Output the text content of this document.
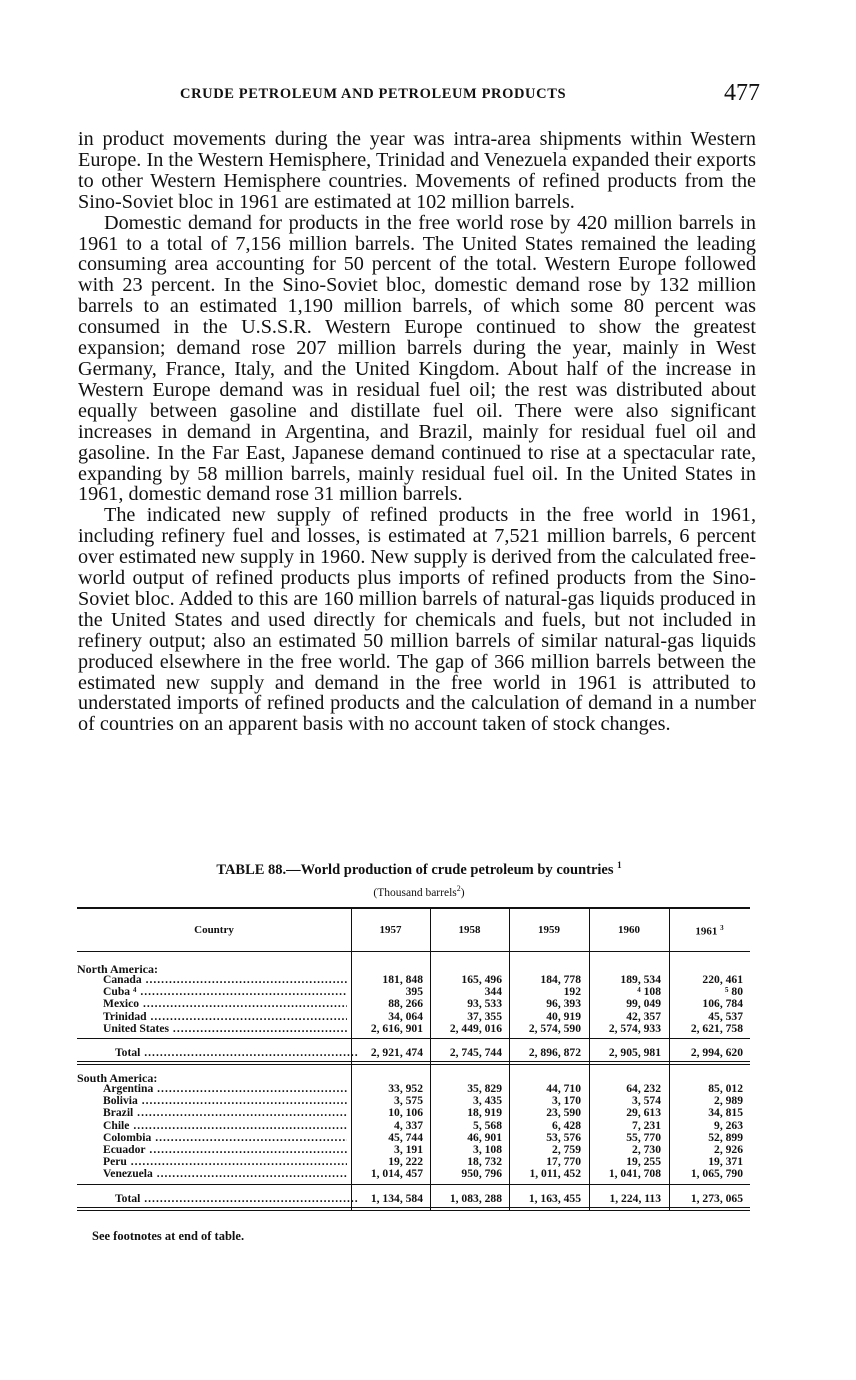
CRUDE PETROLEUM AND PETROLEUM PRODUCTS	477

in product movements during the year was intra-area shipments within Western Europe. In the Western Hemisphere, Trinidad and Venezuela expanded their exports to other Western Hemisphere countries. Movements of refined products from the Sino-Soviet bloc in 1961 are estimated at 102 million barrels.

Domestic demand for products in the free world rose by 420 million barrels in 1961 to a total of 7,156 million barrels. The United States remained the leading consuming area accounting for 50 percent of the total. Western Europe followed with 23 percent. In the Sino-Soviet bloc, domestic demand rose by 132 million barrels to an estimated 1,190 million barrels, of which some 80 percent was consumed in the U.S.S.R. Western Europe continued to show the greatest expansion; demand rose 207 million barrels during the year, mainly in West Germany, France, Italy, and the United Kingdom. About half of the increase in Western Europe demand was in residual fuel oil; the rest was distributed about equally between gasoline and distillate fuel oil. There were also significant increases in demand in Argentina, and Brazil, mainly for residual fuel oil and gasoline. In the Far East, Japanese demand continued to rise at a spectacular rate, expanding by 58 million barrels, mainly residual fuel oil. In the United States in 1961, domestic demand rose 31 million barrels.

The indicated new supply of refined products in the free world in 1961, including refinery fuel and losses, is estimated at 7,521 million barrels, 6 percent over estimated new supply in 1960. New supply is derived from the calculated free-world output of refined products plus imports of refined products from the Sino-Soviet bloc. Added to this are 160 million barrels of natural-gas liquids produced in the United States and used directly for chemicals and fuels, but not included in refinery output; also an estimated 50 million barrels of similar natural-gas liquids produced elsewhere in the free world. The gap of 366 million barrels between the estimated new supply and demand in the free world in 1961 is attributed to understated imports of refined products and the calculation of demand in a number of countries on an apparent basis with no account taken of stock changes.

TABLE 88.—World production of crude petroleum by countries $^1$
(Thousand barrels$^2$)
Country	1957	1958	1959	1960	1961 $^3$
North America:
Canada .....	181, 848	165, 496	184, 778	189, 534	220, 461
Cuba ⁴ .....	395	344	192	⁴ 108	⁵ 80
Mexico .....	88, 266	93, 533	96, 393	99, 049	106, 784
Trinidad .....	34, 064	37, 355	40, 919	42, 357	45, 537
United States .....	2, 616, 901	2, 449, 016	2, 574, 590	2, 574, 933	2, 621, 758
Total .....	2, 921, 474	2, 745, 744	2, 896, 872	2, 905, 981	2, 994, 620
South America:
Argentina .....	33, 952	35, 829	44, 710	64, 232	85, 012
Bolivia .....	3, 575	3, 435	3, 170	3, 574	2, 989
Brazil .....	10, 106	18, 919	23, 590	29, 613	34, 815
Chile .....	4, 337	5, 568	6, 428	7, 231	9, 263
Colombia .....	45, 744	46, 901	53, 576	55, 770	52, 899
Ecuador .....	3, 191	3, 108	2, 759	2, 730	2, 926
Peru .....	19, 222	18, 732	17, 770	19, 255	19, 371
Venezuela .....	1, 014, 457	950, 796	1, 011, 452	1, 041, 708	1, 065, 790
Total .....	1, 134, 584	1, 083, 288	1, 163, 455	1, 224, 113	1, 273, 065
See footnotes at end of table.
